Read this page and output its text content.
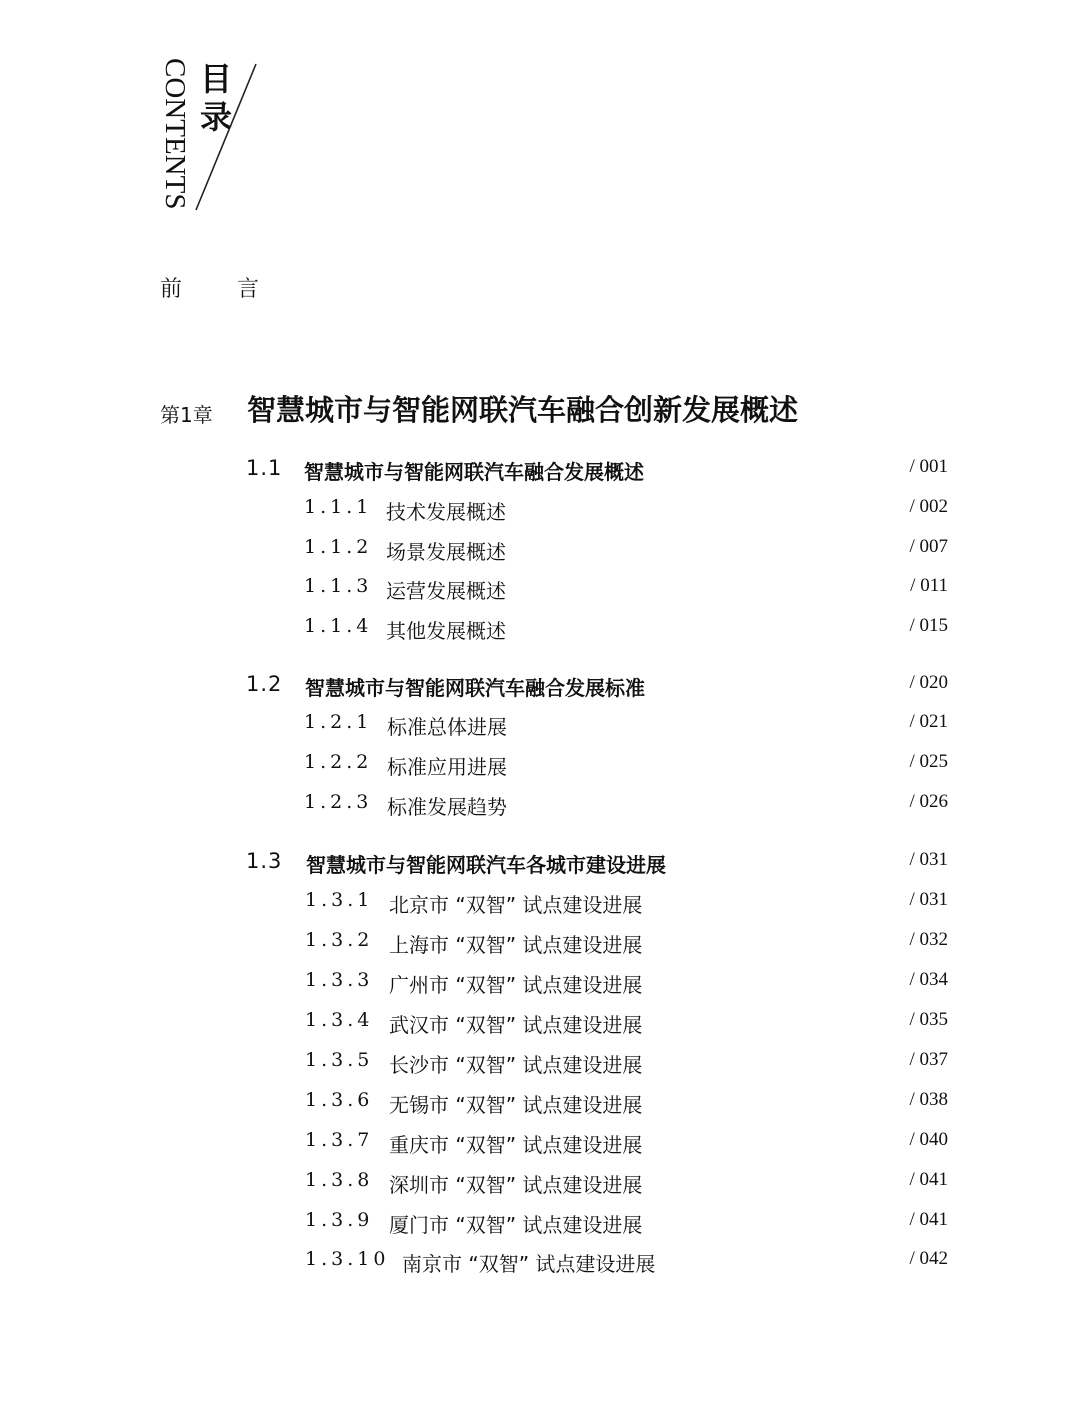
CONTENTS 目
录
前 言
第1章 智慧城市与智能网联汽车融合创新发展概述
1.1 智慧城市与智能网联汽车融合发展概述	/ 001
1.1.1 技术发展概述	/ 002
1.1.2 场景发展概述	/ 007
1.1.3 运营发展概述	/ 011
1.1.4 其他发展概述	/ 015
1.2 智慧城市与智能网联汽车融合发展标准	/ 020
1.2.1 标准总体进展	/ 021
1.2.2 标准应用进展	/ 025
1.2.3 标准发展趋势	/ 026
1.3 智慧城市与智能网联汽车各城市建设进展	/ 031
1.3.1 北京市 “双智” 试点建设进展	/ 031
1.3.2 上海市 “双智” 试点建设进展	/ 032
1.3.3 广州市 “双智” 试点建设进展	/ 034
1.3.4 武汉市 “双智” 试点建设进展	/ 035
1.3.5 长沙市 “双智” 试点建设进展	/ 037
1.3.6 无锡市 “双智” 试点建设进展	/ 038
1.3.7 重庆市 “双智” 试点建设进展	/ 040
1.3.8 深圳市 “双智” 试点建设进展	/ 041
1.3.9 厦门市 “双智” 试点建设进展	/ 041
1.3.10 南京市 “双智” 试点建设进展	/ 042
